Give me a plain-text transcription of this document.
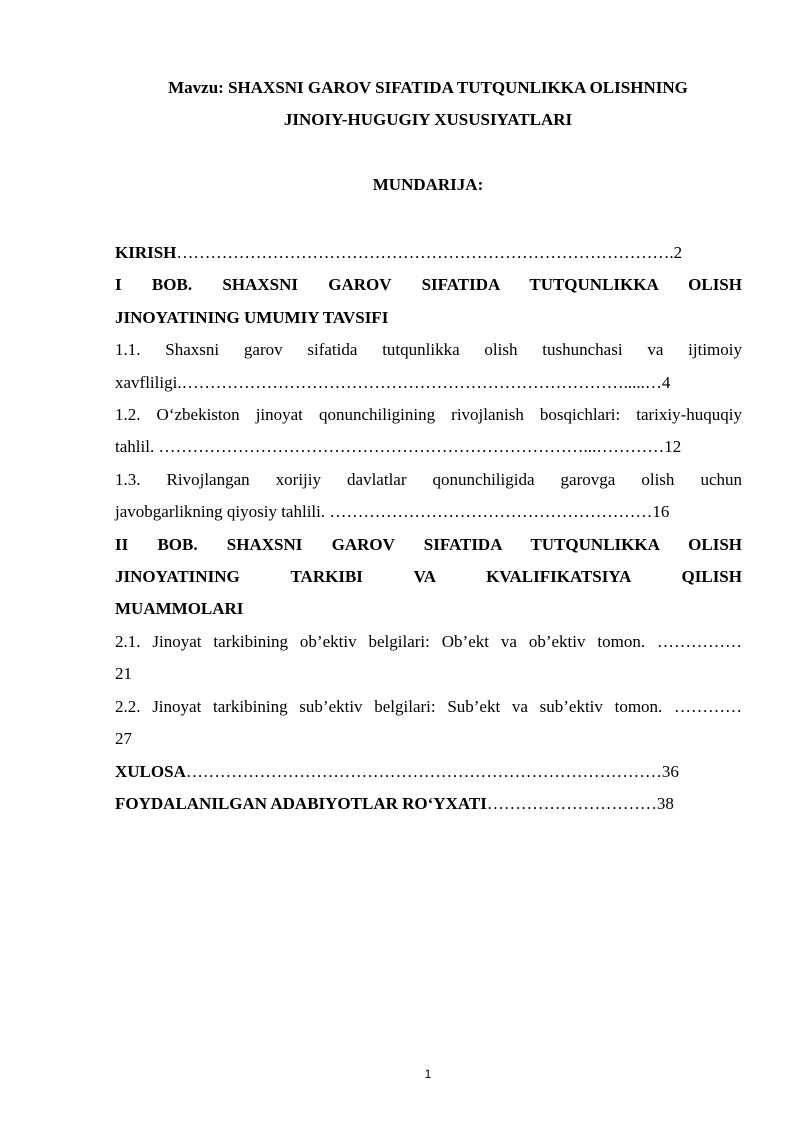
Mavzu: SHAXSNI GAROV SIFATIDA TUTQUNLIKKA OLISHNING
JINOIY-HUGUGIY XUSUSIYATLARI
MUNDARIJA:

KIRISH…………………………………………………………………………….2

I BOB. SHAXSNI GAROV SIFATIDA TUTQUNLIKKA OLISH
JINOYATINING UMUMIY TAVSIFI

1.1. Shaxsni garov sifatida tutqunlikka olish tushunchasi va ijtimoiy
xavfliligi.…………………………………………………………………….....…4

1.2. O‘zbekiston jinoyat qonunchiligining rivojlanish bosqichlari: tarixiy-huquqiy
tahlil. …………………………………………………………………...…………12

1.3. Rivojlangan xorijiy davlatlar qonunchiligida garovga olish uchun
javobgarlikning qiyosiy tahlili. …………………………………………………16

II BOB. SHAXSNI GAROV SIFATIDA TUTQUNLIKKA OLISH
JINOYATINING TARKIBI VA KVALIFIKATSIYA QILISH
MUAMMOLARI

2.1. Jinoyat tarkibining ob’ektiv belgilari: Ob’ekt va ob’ektiv tomon. ……………
21

2.2. Jinoyat tarkibining sub’ektiv belgilari: Sub’ekt va sub’ektiv tomon. …………
27

XULOSA…………………………………………………………………………36

FOYDALANILGAN ADABIYOTLAR RO‘YXATI…………………………38

1
